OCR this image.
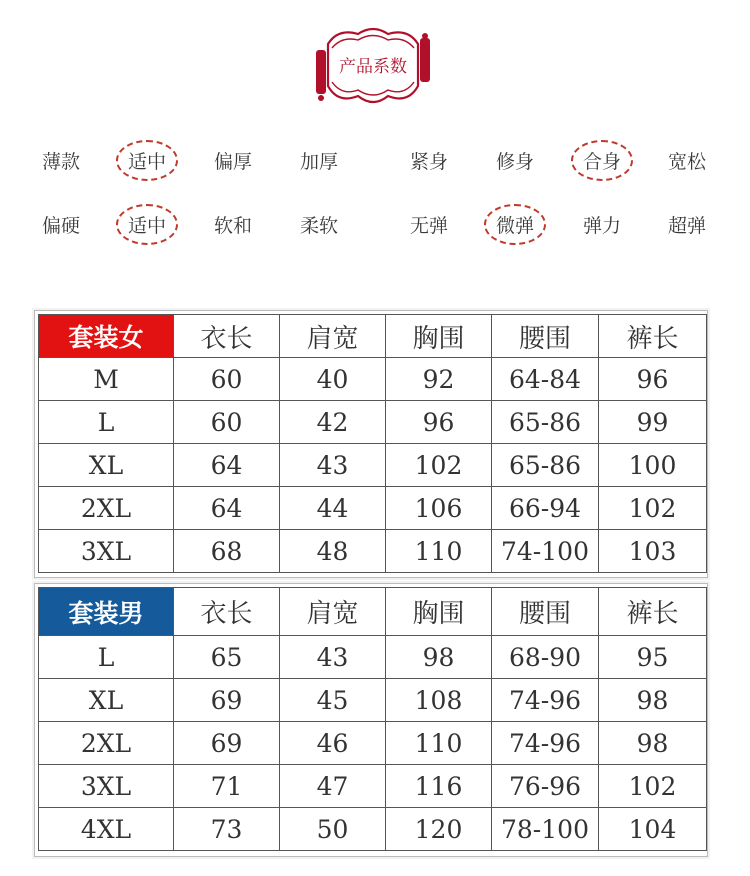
产品系数
薄款	适中	偏厚	加厚	紧身	修身	合身 宽松
偏硬	适中	软和	柔软	无弹	微弹	弹力 超弹
套装女	衣长	肩宽	胸围	腰围	裤长
M	60	40	92	64-84	96
L	60	42	96	65-86	99
XL	64	43	102	65-86	100
2XL	64	44	106	66-94	102
3XL	68	48	110	74-100	103
套装男	衣长	肩宽	胸围	腰围	裤长
L	65	43	98	68-90	95
XL	69	45	108	74-96	98
2XL	69	46	110	74-96	98
3XL	71	47	116	76-96	102
4XL	73	50	120	78-100	104
